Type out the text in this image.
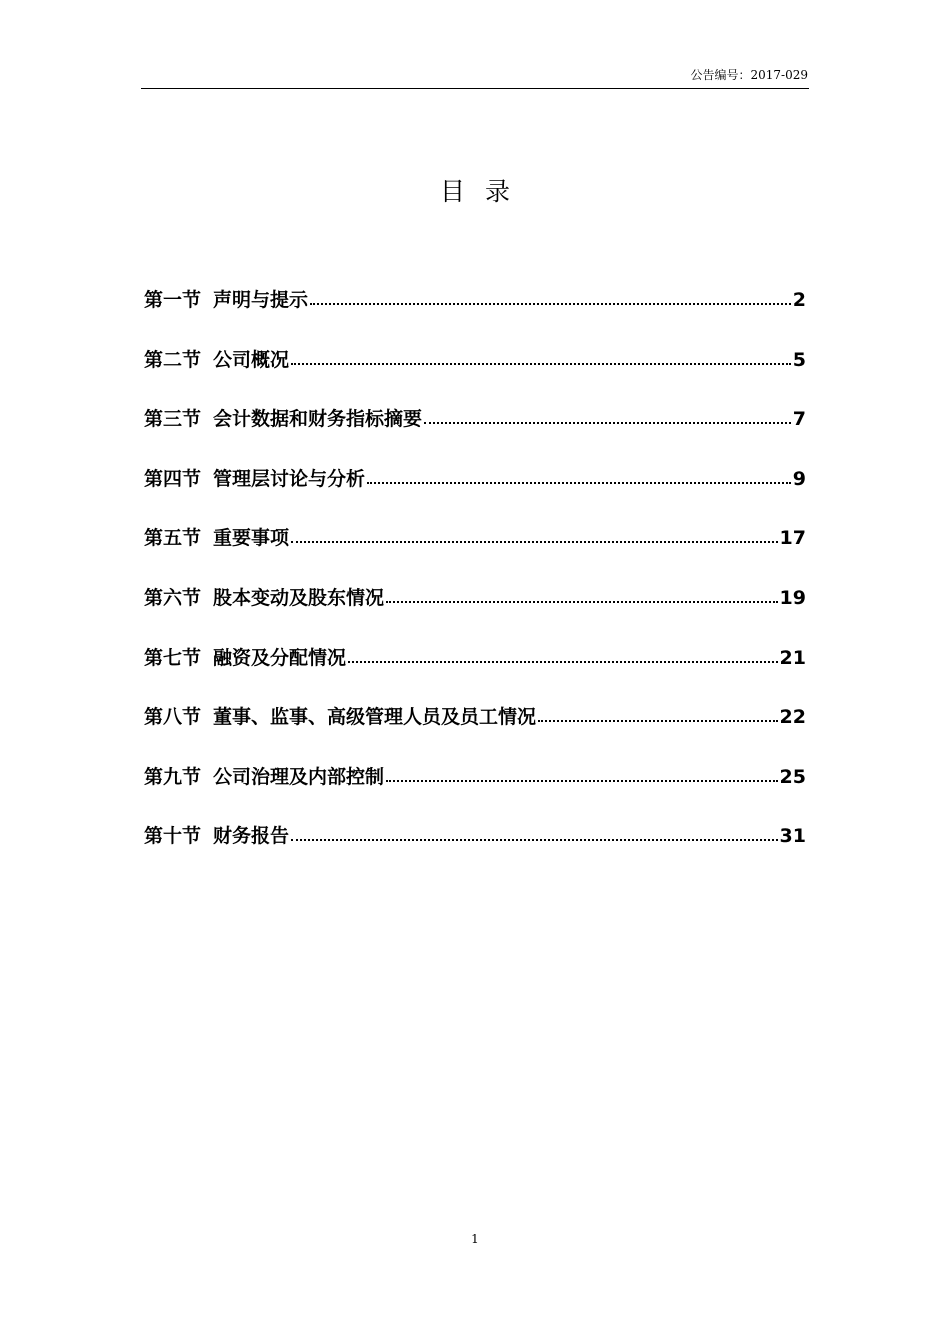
公告编号：2017-029
目录
第一节 声明与提示	2
第二节 公司概况	5
第三节 会计数据和财务指标摘要	7
第四节 管理层讨论与分析	9
第五节 重要事项	17
第六节 股本变动及股东情况	19
第七节 融资及分配情况	21
第八节 董事、监事、高级管理人员及员工情况	22
第九节 公司治理及内部控制	25
第十节 财务报告	31
1
